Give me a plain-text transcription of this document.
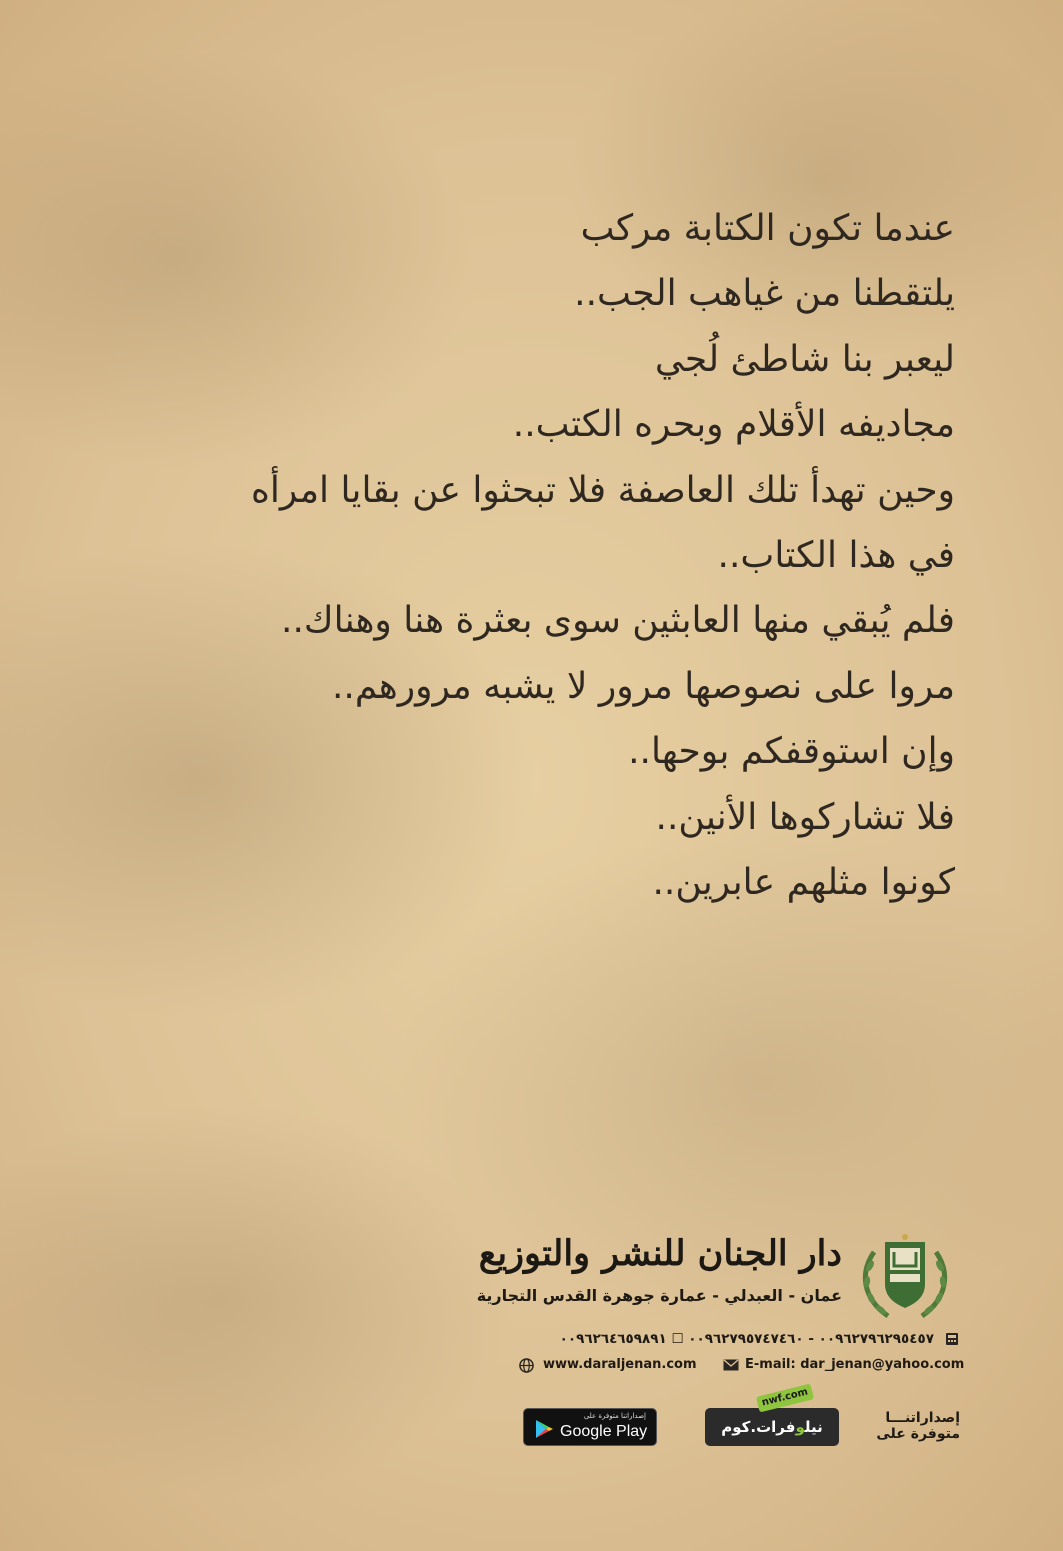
عندما تكون الكتابة مركب
يلتقطنا من غياهب الجب..
ليعبر بنا شاطئ لُجي
مجاديفه الأقلام وبحره الكتب..
وحين تهدأ تلك العاصفة فلا تبحثوا عن بقايا امرأه
في هذا الكتاب..
فلم يُبقي منها العابثين سوى بعثرة هنا وهناك..
مروا على نصوصها مرور لا يشبه مرورهم..
وإن استوقفكم بوحها..
فلا تشاركوها الأنين..
كونوا مثلهم عابرين..
دار الجنان للنشر والتوزيع
عمان - العبدلي - عمارة جوهرة القدس التجارية
٠٠٩٦٢٧٩٦٢٩٥٤٥٧ - ٠٠٩٦٢٧٩٥٧٤٧٤٦٠ ☐ ٠٠٩٦٢٦٤٦٥٩٨٩١
www.daraljenan.com	E-mail: dar_jenan@yahoo.com
إصداراتنـــا
متوفرة على
nwf.com
نيلوفرات.كوم
إصداراتنا متوفرة على
Google Play
